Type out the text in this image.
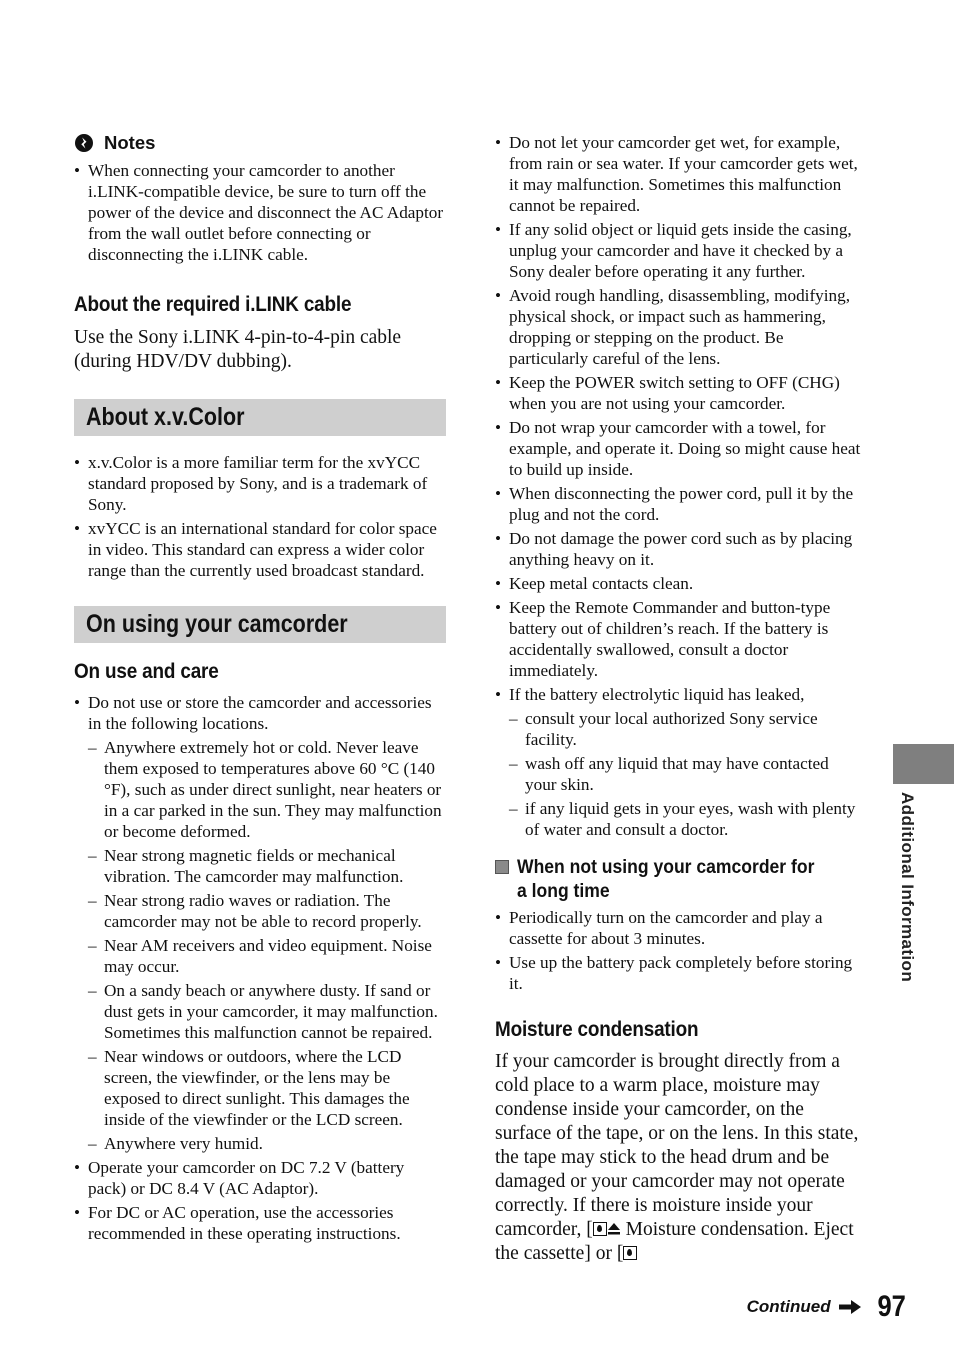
Notes
• When connecting your camcorder to another i.LINK-compatible device, be sure to turn off the power of the device and disconnect the AC Adaptor from the wall outlet before connecting or disconnecting the i.LINK cable.
About the required i.LINK cable

Use the Sony i.LINK 4-pin-to-4-pin cable (during HDV/DV dubbing).

About x.v.Color
• x.v.Color is a more familiar term for the xvYCC standard proposed by Sony, and is a trademark of Sony.
• xvYCC is an international standard for color space in video. This standard can express a wider color range than the currently used broadcast standard.
On using your camcorder
On use and care
• Do not use or store the camcorder and accessories in the following locations.
– Anywhere extremely hot or cold. Never leave them exposed to temperatures above 60 °C (140 °F), such as under direct sunlight, near heaters or in a car parked in the sun. They may malfunction or become deformed.
– Near strong magnetic fields or mechanical vibration. The camcorder may malfunction.
– Near strong radio waves or radiation. The camcorder may not be able to record properly.
– Near AM receivers and video equipment. Noise may occur.
– On a sandy beach or anywhere dusty. If sand or dust gets in your camcorder, it may malfunction. Sometimes this malfunction cannot be repaired.
– Near windows or outdoors, where the LCD screen, the viewfinder, or the lens may be exposed to direct sunlight. This damages the inside of the viewfinder or the LCD screen.
– Anywhere very humid.
• Operate your camcorder on DC 7.2 V (battery pack) or DC 8.4 V (AC Adaptor).
• For DC or AC operation, use the accessories recommended in these operating instructions.
• Do not let your camcorder get wet, for example, from rain or sea water. If your camcorder gets wet, it may malfunction. Sometimes this malfunction cannot be repaired.
• If any solid object or liquid gets inside the casing, unplug your camcorder and have it checked by a Sony dealer before operating it any further.
• Avoid rough handling, disassembling, modifying, physical shock, or impact such as hammering, dropping or stepping on the product. Be particularly careful of the lens.
• Keep the POWER switch setting to OFF (CHG) when you are not using your camcorder.
• Do not wrap your camcorder with a towel, for example, and operate it. Doing so might cause heat to build up inside.
• When disconnecting the power cord, pull it by the plug and not the cord.
• Do not damage the power cord such as by placing anything heavy on it.
• Keep metal contacts clean.
• Keep the Remote Commander and button-type battery out of children’s reach. If the battery is accidentally swallowed, consult a doctor immediately.
• If the battery electrolytic liquid has leaked,
– consult your local authorized Sony service facility.
– wash off any liquid that may have contacted your skin.
– if any liquid gets in your eyes, wash with plenty of water and consult a doctor.
When not using your camcorder for a long time
• Periodically turn on the camcorder and play a cassette for about 3 minutes.
• Use up the battery pack completely before storing it.
Moisture condensation

If your camcorder is brought directly from a cold place to a warm place, moisture may condense inside your camcorder, on the surface of the tape, or on the lens. In this state, the tape may stick to the head drum and be damaged or your camcorder may not operate correctly. If there is moisture inside your camcorder, [ Moisture condensation. Eject the cassette] or [

Additional Information
Continued 97
